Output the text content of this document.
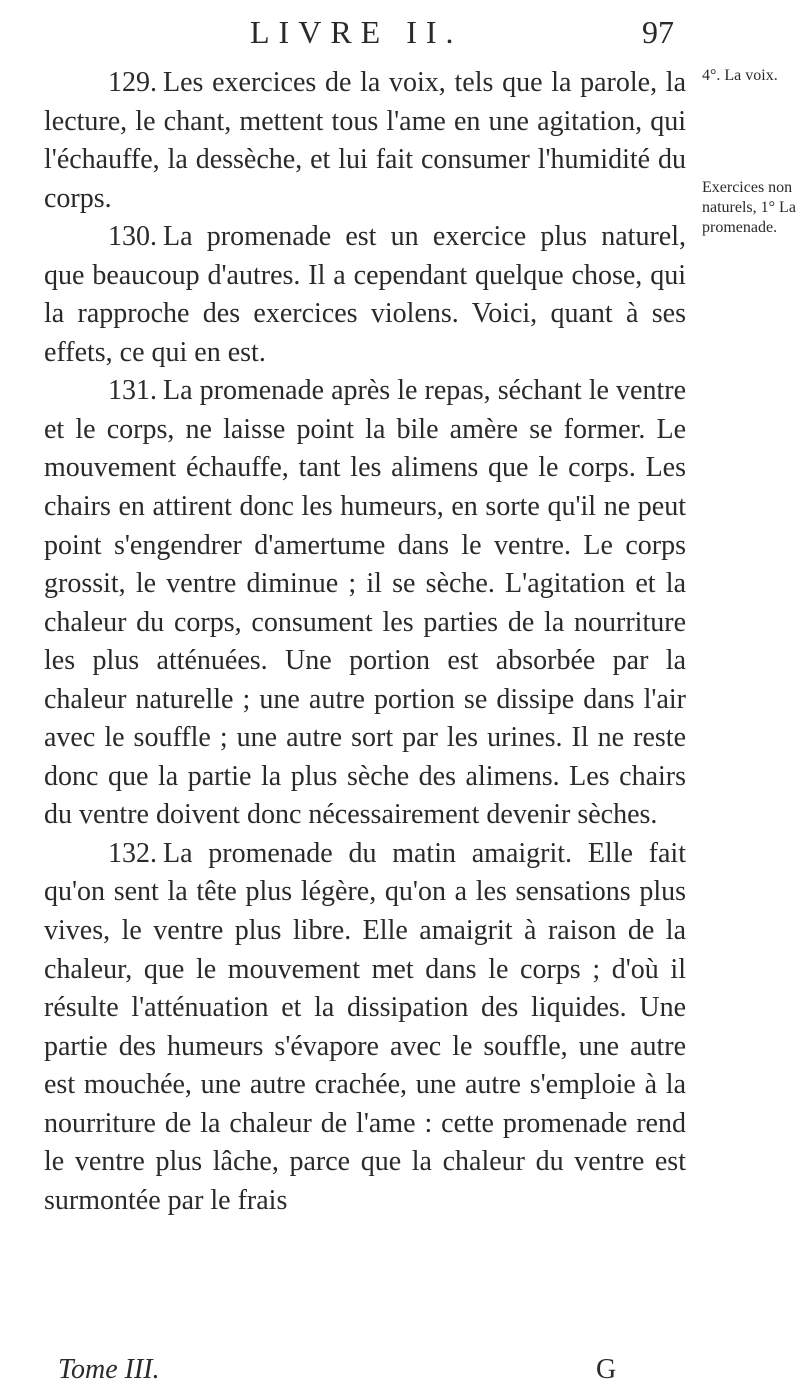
LIVRE II.	97

129. Les exercices de la voix, tels que la parole, la lecture, le chant, mettent tous l'ame en une agitation, qui l'échauffe, la dessèche, et lui fait consumer l'humidité du corps.

130. La promenade est un exercice plus naturel, que beaucoup d'autres. Il a cependant quelque chose, qui la rapproche des exercices violens. Voici, quant à ses effets, ce qui en est.

131. La promenade après le repas, séchant le ventre et le corps, ne laisse point la bile amère se former. Le mouvement échauffe, tant les alimens que le corps. Les chairs en attirent donc les humeurs, en sorte qu'il ne peut point s'engendrer d'amertume dans le ventre. Le corps grossit, le ventre diminue ; il se sèche. L'agitation et la chaleur du corps, consument les parties de la nourriture les plus atténuées. Une portion est absorbée par la chaleur naturelle ; une autre portion se dissipe dans l'air avec le souffle ; une autre sort par les urines. Il ne reste donc que la partie la plus sèche des alimens. Les chairs du ventre doivent donc nécessairement devenir sèches.

132. La promenade du matin amaigrit. Elle fait qu'on sent la tête plus légère, qu'on a les sensations plus vives, le ventre plus libre. Elle amaigrit à raison de la chaleur, que le mouvement met dans le corps ; d'où il résulte l'atténuation et la dissipation des liquides. Une partie des humeurs s'évapore avec le souffle, une autre est mouchée, une autre crachée, une autre s'emploie à la nourriture de la chaleur de l'ame : cette promenade rend le ventre plus lâche, parce que la chaleur du ventre est surmontée par le frais

4°. La voix.
Exercices non naturels, 1° La promenade.
Tome III.	G
